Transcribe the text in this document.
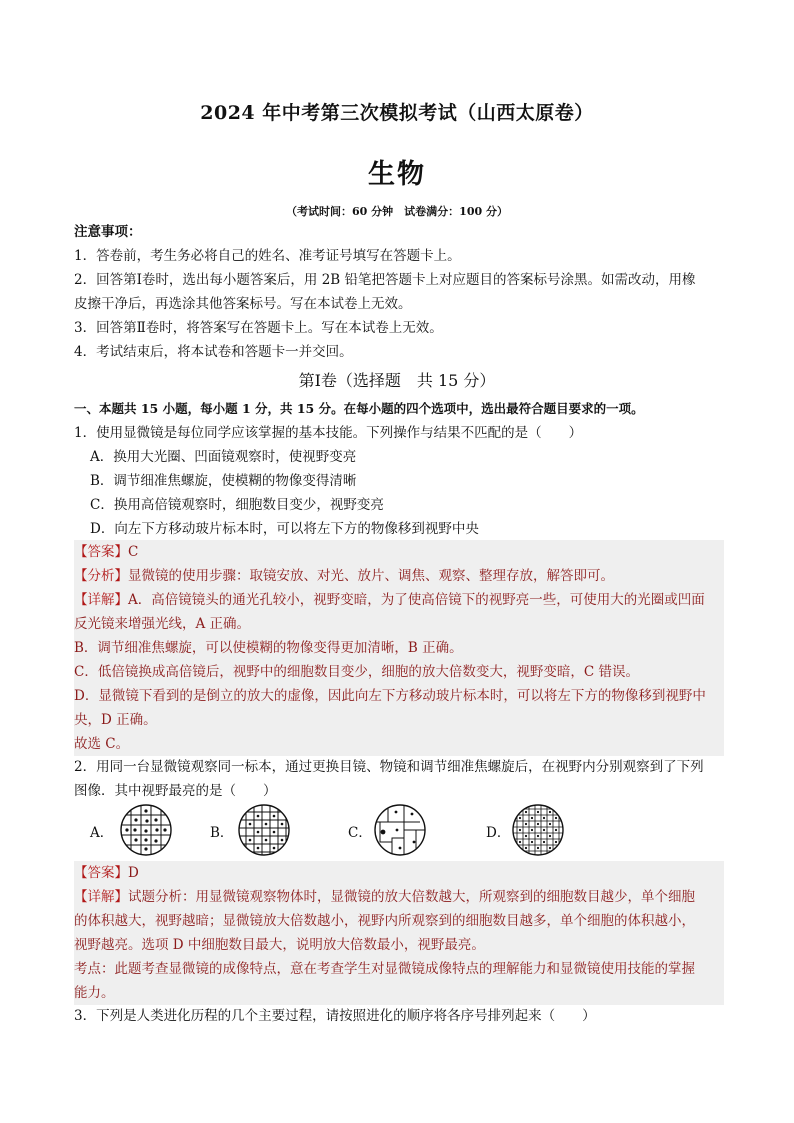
2024 年中考第三次模拟考试（山西太原卷）
生物
（考试时间：60 分钟　试卷满分：100 分）
注意事项：
1．答卷前，考生务必将自己的姓名、准考证号填写在答题卡上。
2．回答第Ⅰ卷时，选出每小题答案后，用 2B 铅笔把答题卡上对应题目的答案标号涂黑。如需改动，用橡
皮擦干净后，再选涂其他答案标号。写在本试卷上无效。
3．回答第Ⅱ卷时，将答案写在答题卡上。写在本试卷上无效。
4．考试结束后，将本试卷和答题卡一并交回。
第Ⅰ卷（选择题　共 15 分）
一、本题共 15 小题，每小题 1 分，共 15 分。在每小题的四个选项中，选出最符合题目要求的一项。
1．使用显微镜是每位同学应该掌握的基本技能。下列操作与结果不匹配的是（　　）
A．换用大光圈、凹面镜观察时，使视野变亮
B．调节细准焦螺旋，使模糊的物像变得清晰
C．换用高倍镜观察时，细胞数目变少，视野变亮
D．向左下方移动玻片标本时，可以将左下方的物像移到视野中央
【答案】C
【分析】显微镜的使用步骤：取镜安放、对光、放片、调焦、观察、整理存放，解答即可。
【详解】A．高倍镜镜头的通光孔较小，视野变暗，为了使高倍镜下的视野亮一些，可使用大的光圈或凹面
反光镜来增强光线，A 正确。
B．调节细准焦螺旋，可以使模糊的物像变得更加清晰，B 正确。
C．低倍镜换成高倍镜后，视野中的细胞数目变少，细胞的放大倍数变大，视野变暗，C 错误。
D．显微镜下看到的是倒立的放大的虚像，因此向左下方移动玻片标本时，可以将左下方的物像移到视野中
央，D 正确。
故选 C。
2．用同一台显微镜观察同一标本，通过更换目镜、物镜和调节细准焦螺旋后，在视野内分别观察到了下列
图像．其中视野最亮的是（　　）
A．	B．	C．	D．
【答案】D
【详解】试题分析：用显微镜观察物体时，显微镜的放大倍数越大，所观察到的细胞数目越少，单个细胞
的体积越大，视野越暗；显微镜放大倍数越小，视野内所观察到的细胞数目越多，单个细胞的体积越小，
视野越亮。选项 D 中细胞数目最大，说明放大倍数最小，视野最亮。
考点：此题考查显微镜的成像特点，意在考查学生对显微镜成像特点的理解能力和显微镜使用技能的掌握
能力。
3．下列是人类进化历程的几个主要过程，请按照进化的顺序将各序号排列起来（　　）
